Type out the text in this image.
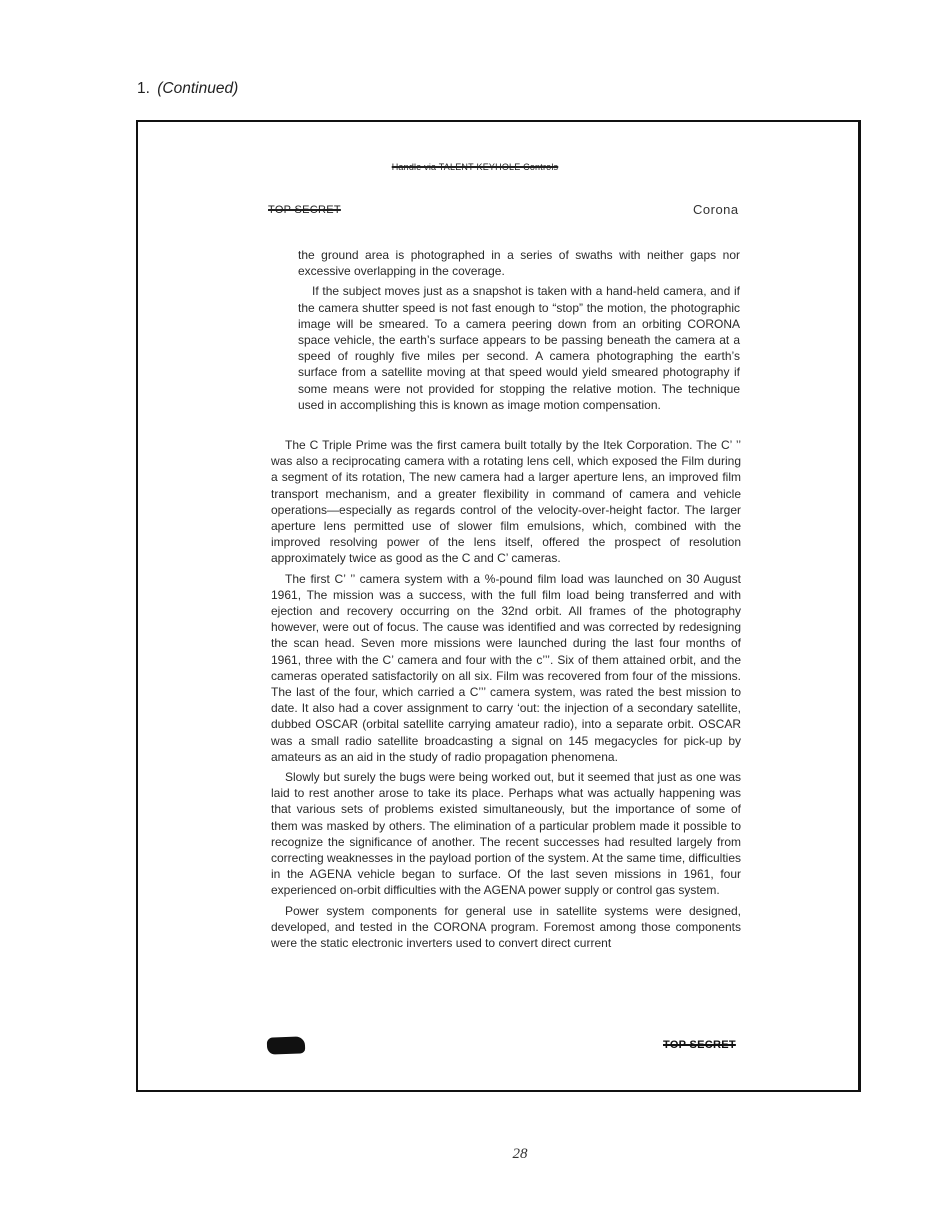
1. (Continued)
Handle via TALENT-KEYHOLE Controls
TOP SECRET	Corona

the ground area is photographed in a series of swaths with neither gaps nor excessive overlapping in the coverage.

If the subject moves just as a snapshot is taken with a hand-held camera, and if the camera shutter speed is not fast enough to “stop” the motion, the photographic image will be smeared. To a camera peering down from an orbiting CORONA space vehicle, the earth’s surface appears to be passing beneath the camera at a speed of roughly five miles per second. A camera photographing the earth’s surface from a satellite moving at that speed would yield smeared photography if some means were not provided for stopping the relative motion. The technique used in accomplishing this is known as image motion compensation.

The C Triple Prime was the first camera built totally by the Itek Corporation. The C’ ’’ was also a reciprocating camera with a rotating lens cell, which exposed the Film during a segment of its rotation, The new camera had a larger aperture lens, an improved film transport mechanism, and a greater flexibility in command of camera and vehicle operations—especially as regards control of the velocity-over-height factor. The larger aperture lens permitted use of slower film emulsions, which, combined with the improved resolving power of the lens itself, offered the prospect of resolution approximately twice as good as the C and C’ cameras.

The first C’ ’’ camera system with a %-pound film load was launched on 30 August 1961, The mission was a success, with the full film load being transferred and with ejection and recovery occurring on the 32nd orbit. All frames of the photography however, were out of focus. The cause was identified and was corrected by redesigning the scan head. Seven more missions were launched during the last four months of 1961, three with the C’ camera and four with the c’’’. Six of them attained orbit, and the cameras operated satisfactorily on all six. Film was recovered from four of the missions. The last of the four, which carried a C’’’ camera system, was rated the best mission to date. It also had a cover assignment to carry ‘out: the injection of a secondary satellite, dubbed OSCAR (orbital satellite carrying amateur radio), into a separate orbit. OSCAR was a small radio satellite broadcasting a signal on 145 megacycles for pick-up by amateurs as an aid in the study of radio propagation phenomena.

Slowly but surely the bugs were being worked out, but it seemed that just as one was laid to rest another arose to take its place. Perhaps what was actually happening was that various sets of problems existed simultaneously, but the importance of some of them was masked by others. The elimination of a particular problem made it possible to recognize the significance of another. The recent successes had resulted largely from correcting weaknesses in the payload portion of the system. At the same time, difficulties in the AGENA vehicle began to surface. Of the last seven missions in 1961, four experienced on-orbit difficulties with the AGENA power supply or control gas system.

Power system components for general use in satellite systems were designed, developed, and tested in the CORONA program. Foremost among those components were the static electronic inverters used to convert direct current

TOP SECRET
28
